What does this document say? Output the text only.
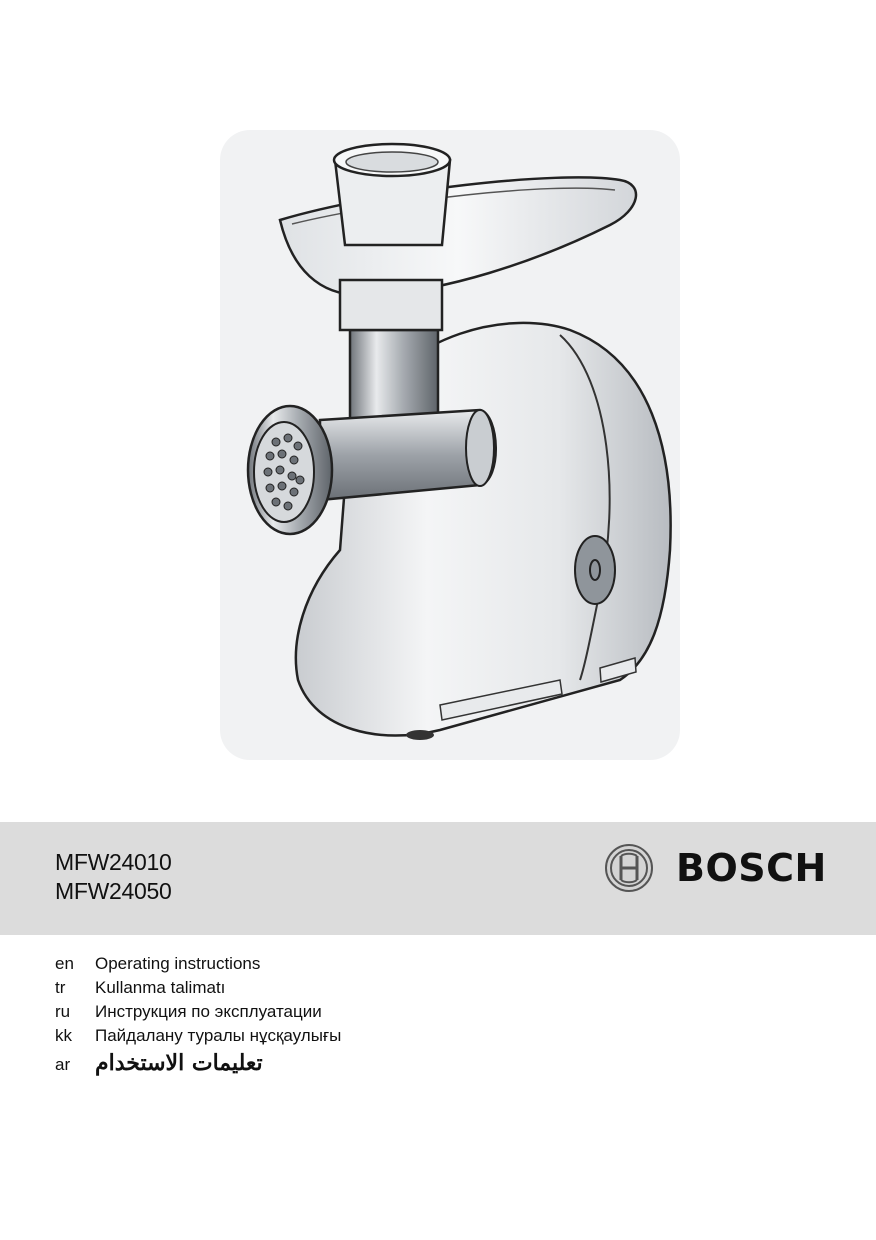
MFW24010
MFW24050
BOSCH
en	Operating instructions
tr	Kullanma talimatı
ru	Инструкция по эксплуатации
kk	Пайдалану туралы нұсқаулығы
ar	تعليمات الاستخدام
